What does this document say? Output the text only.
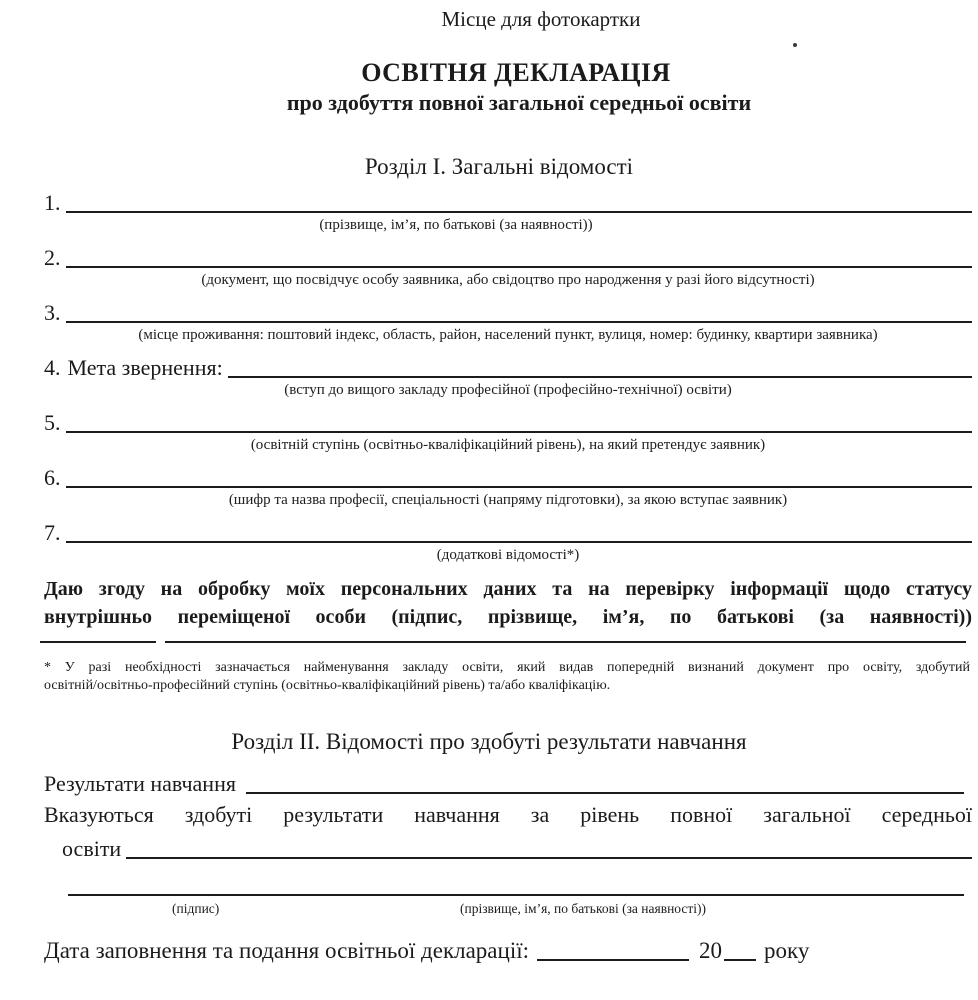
Місце для фотокартки
ОСВІТНЯ ДЕКЛАРАЦІЯ
про здобуття повної загальної середньої освіти
Розділ І. Загальні відомості
1.
(прізвище, ім’я, по батькові (за наявності))
2.
(документ, що посвідчує особу заявника, або свідоцтво про народження у разі його відсутності)
3.
(місце проживання: поштовий індекс, область, район, населений пункт, вулиця, номер: будинку, квартири заявника)
4. Мета звернення:
(вступ до вищого закладу професійної (професійно-технічної) освіти)
5.
(освітній ступінь (освітньо-кваліфікаційний рівень), на який претендує заявник)
6.
(шифр та назва професії, спеціальності (напряму підготовки), за якою вступає заявник)
7.
(додаткові відомості*)
Даю згоду на обробку моїх персональних даних та на перевірку інформації щодо статусу
внутрішньо переміщеної особи (підпис, прізвище, ім’я, по батькові (за наявності))
* У разі необхідності зазначається найменування закладу освіти, який видав попередній визнаний документ про освіту, здобутий
освітній/освітньо-професійний ступінь (освітньо-кваліфікаційний рівень) та/або кваліфікацію.
Розділ ІІ. Відомості про здобуті результати навчання
Результати навчання
Вказуються здобуті результати навчання за рівень повної загальної середньої
освіти
(підпис)	(прізвище, ім’я, по батькові (за наявності))
Дата заповнення та подання освітньої декларації:	20 року
